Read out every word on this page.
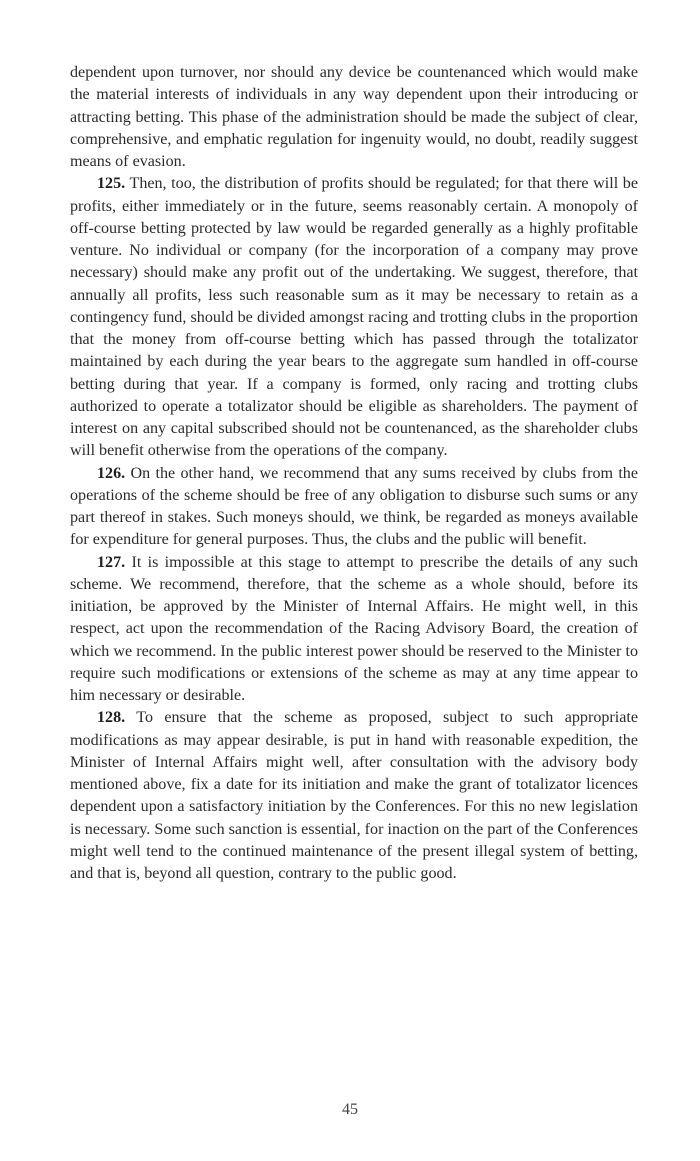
dependent upon turnover, nor should any device be countenanced which would make the material interests of individuals in any way dependent upon their introducing or attracting betting. This phase of the administration should be made the subject of clear, comprehensive, and emphatic regulation for ingenuity would, no doubt, readily suggest means of evasion.

125. Then, too, the distribution of profits should be regulated; for that there will be profits, either immediately or in the future, seems reasonably certain. A monopoly of off-course betting protected by law would be regarded generally as a highly profitable venture. No individual or company (for the incorporation of a company may prove necessary) should make any profit out of the undertaking. We suggest, therefore, that annually all profits, less such reasonable sum as it may be necessary to retain as a contingency fund, should be divided amongst racing and trotting clubs in the proportion that the money from off-course betting which has passed through the totalizator maintained by each during the year bears to the aggregate sum handled in off-course betting during that year. If a company is formed, only racing and trotting clubs authorized to operate a totalizator should be eligible as shareholders. The payment of interest on any capital subscribed should not be countenanced, as the shareholder clubs will benefit otherwise from the operations of the company.

126. On the other hand, we recommend that any sums received by clubs from the operations of the scheme should be free of any obligation to disburse such sums or any part thereof in stakes. Such moneys should, we think, be regarded as moneys available for expenditure for general purposes. Thus, the clubs and the public will benefit.

127. It is impossible at this stage to attempt to prescribe the details of any such scheme. We recommend, therefore, that the scheme as a whole should, before its initiation, be approved by the Minister of Internal Affairs. He might well, in this respect, act upon the recommendation of the Racing Advisory Board, the creation of which we recommend. In the public interest power should be reserved to the Minister to require such modifications or extensions of the scheme as may at any time appear to him necessary or desirable.

128. To ensure that the scheme as proposed, subject to such appropriate modifications as may appear desirable, is put in hand with reasonable expedition, the Minister of Internal Affairs might well, after consultation with the advisory body mentioned above, fix a date for its initiation and make the grant of totalizator licences dependent upon a satisfactory initiation by the Conferences. For this no new legislation is necessary. Some such sanction is essential, for inaction on the part of the Conferences might well tend to the continued maintenance of the present illegal system of betting, and that is, beyond all question, contrary to the public good.

45
